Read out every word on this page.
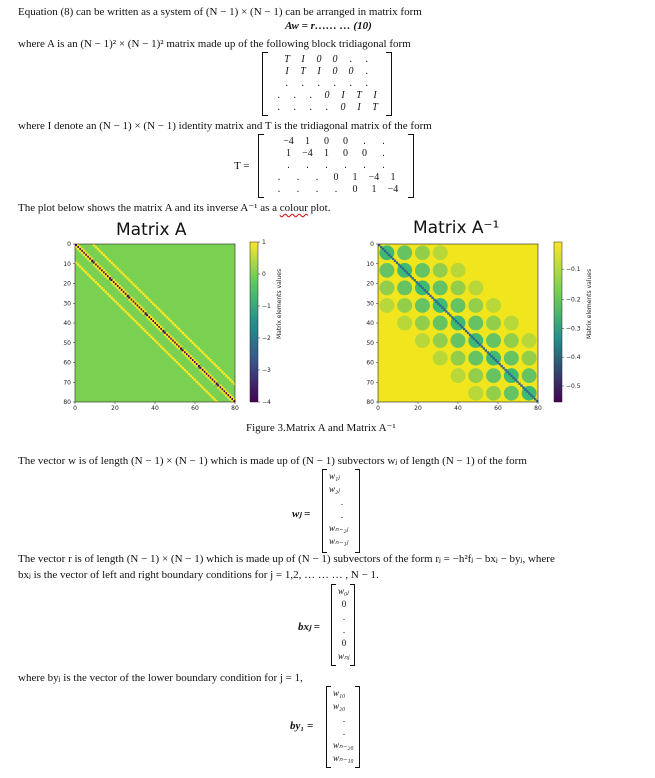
Equation (8) can be written as a system of (N − 1) × (N − 1) can be arranged in matrix form
Aw = r…… … (10)
where A is an (N − 1)² × (N − 1)² matrix made up of the following block tridiagonal form
T I 0 0 . .
I T I 0 0 .
. . . . . .
. . . 0 I T I
. . . . 0 I T
where I denote an (N − 1) × (N − 1) identity matrix and T is the tridiagonal matrix of the form
T =
−4 1 0 0 . .
1 −4 1 0 0 .
. . . . . .
. . . 0 1 −4 1
. . . . 0 1 −4
The plot below shows the matrix A and its inverse A⁻¹ as a colour plot.
0	20	40	60	80
0
10
20
30
40
50
60
70
80
1
0
−1
−2
−3
−4
0	20	40	60	80
0
10
20
30
40
50
60
70
80
−0.1
−0.2
−0.3
−0.4
−0.5
Matrix A	Matrix A⁻¹
Matrix elements values	Matrix elements values
Figure 3.Matrix A and Matrix A⁻¹
The vector w is of length (N − 1) × (N − 1) which is made up of (N − 1) subvectors wⱼ of length (N − 1) of the form
wⱼ =
w₁ⱼ
w₂ⱼ
.
.
wₙ₋₂ⱼ
wₙ₋₁ⱼ
The vector r is of length (N − 1) × (N − 1) which is made up of (N − 1) subvectors of the form rⱼ = −h²fⱼ − bxⱼ − byⱼ, where
bxⱼ is the vector of left and right boundary conditions for j = 1,2, … … … , N − 1.
bxⱼ =
w₀ⱼ
0
.
.
0
wₙⱼ
where byⱼ is the vector of the lower boundary condition for j = 1,
by₁ =
w₁₀
w₂₀
.
.
wₙ₋₂₀
wₙ₋₁₀
